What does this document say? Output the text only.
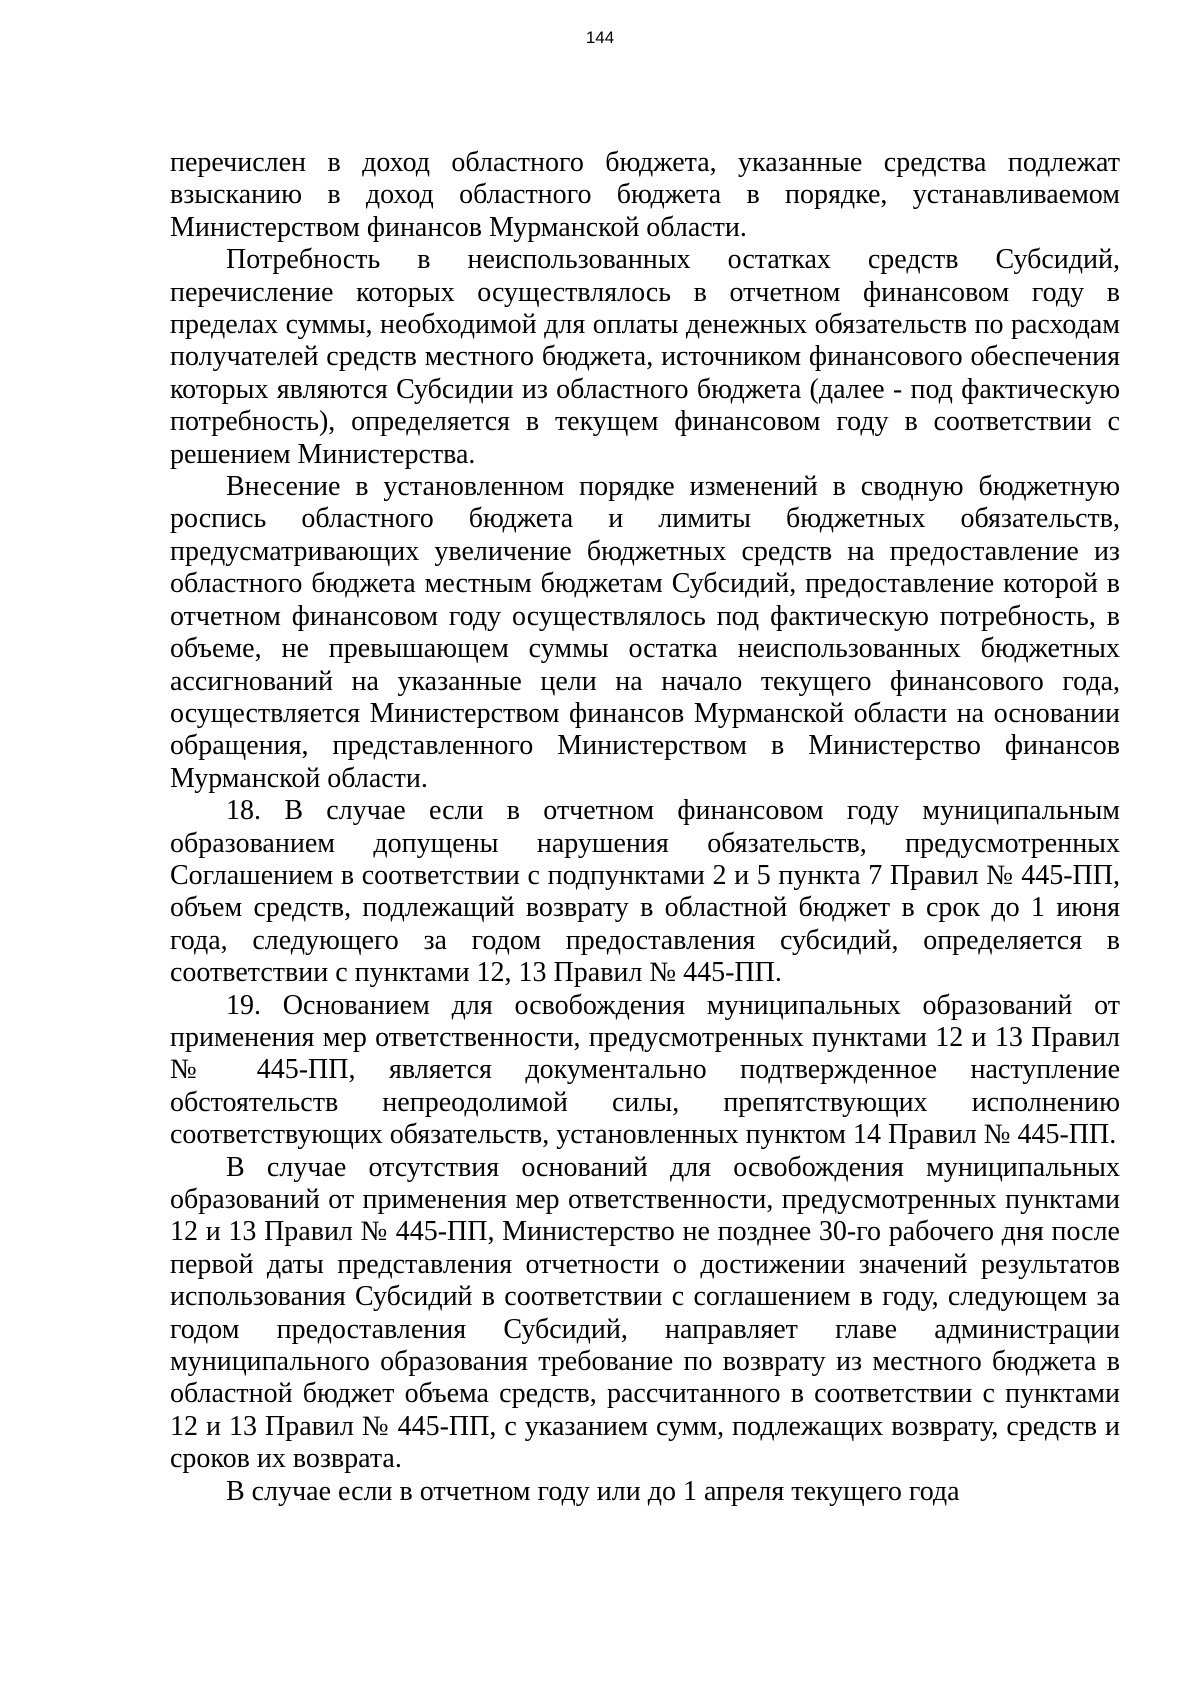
144

перечислен в доход областного бюджета, указанные средства подлежат взысканию в доход областного бюджета в порядке, устанавливаемом Министерством финансов Мурманской области.

Потребность в неиспользованных остатках средств Субсидий, перечисление которых осуществлялось в отчетном финансовом году в пределах суммы, необходимой для оплаты денежных обязательств по расходам получателей средств местного бюджета, источником финансового обеспечения которых являются Субсидии из областного бюджета (далее - под фактическую потребность), определяется в текущем финансовом году в соответствии с решением Министерства.

Внесение в установленном порядке изменений в сводную бюджетную роспись областного бюджета и лимиты бюджетных обязательств, предусматривающих увеличение бюджетных средств на предоставление из областного бюджета местным бюджетам Субсидий, предоставление которой в отчетном финансовом году осуществлялось под фактическую потребность, в объеме, не превышающем суммы остатка неиспользованных бюджетных ассигнований на указанные цели на начало текущего финансового года, осуществляется Министерством финансов Мурманской области на основании обращения, представленного Министерством в Министерство финансов Мурманской области.

18. В случае если в отчетном финансовом году муниципальным образованием допущены нарушения обязательств, предусмотренных Соглашением в соответствии с подпунктами 2 и 5 пункта 7 Правил № 445-ПП, объем средств, подлежащий возврату в областной бюджет в срок до 1 июня года, следующего за годом предоставления субсидий, определяется в соответствии с пунктами 12, 13 Правил № 445-ПП.

19. Основанием для освобождения муниципальных образований от применения мер ответственности, предусмотренных пунктами 12 и 13 Правил № 445-ПП, является документально подтвержденное наступление обстоятельств непреодолимой силы, препятствующих исполнению соответствующих обязательств, установленных пунктом 14 Правил № 445-ПП.

В случае отсутствия оснований для освобождения муниципальных образований от применения мер ответственности, предусмотренных пунктами 12 и 13 Правил № 445-ПП, Министерство не позднее 30-го рабочего дня после первой даты представления отчетности о достижении значений результатов использования Субсидий в соответствии с соглашением в году, следующем за годом предоставления Субсидий, направляет главе администрации муниципального образования требование по возврату из местного бюджета в областной бюджет объема средств, рассчитанного в соответствии с пунктами 12 и 13 Правил № 445-ПП, с указанием сумм, подлежащих возврату, средств и сроков их возврата.

В случае если в отчетном году или до 1 апреля текущего года
